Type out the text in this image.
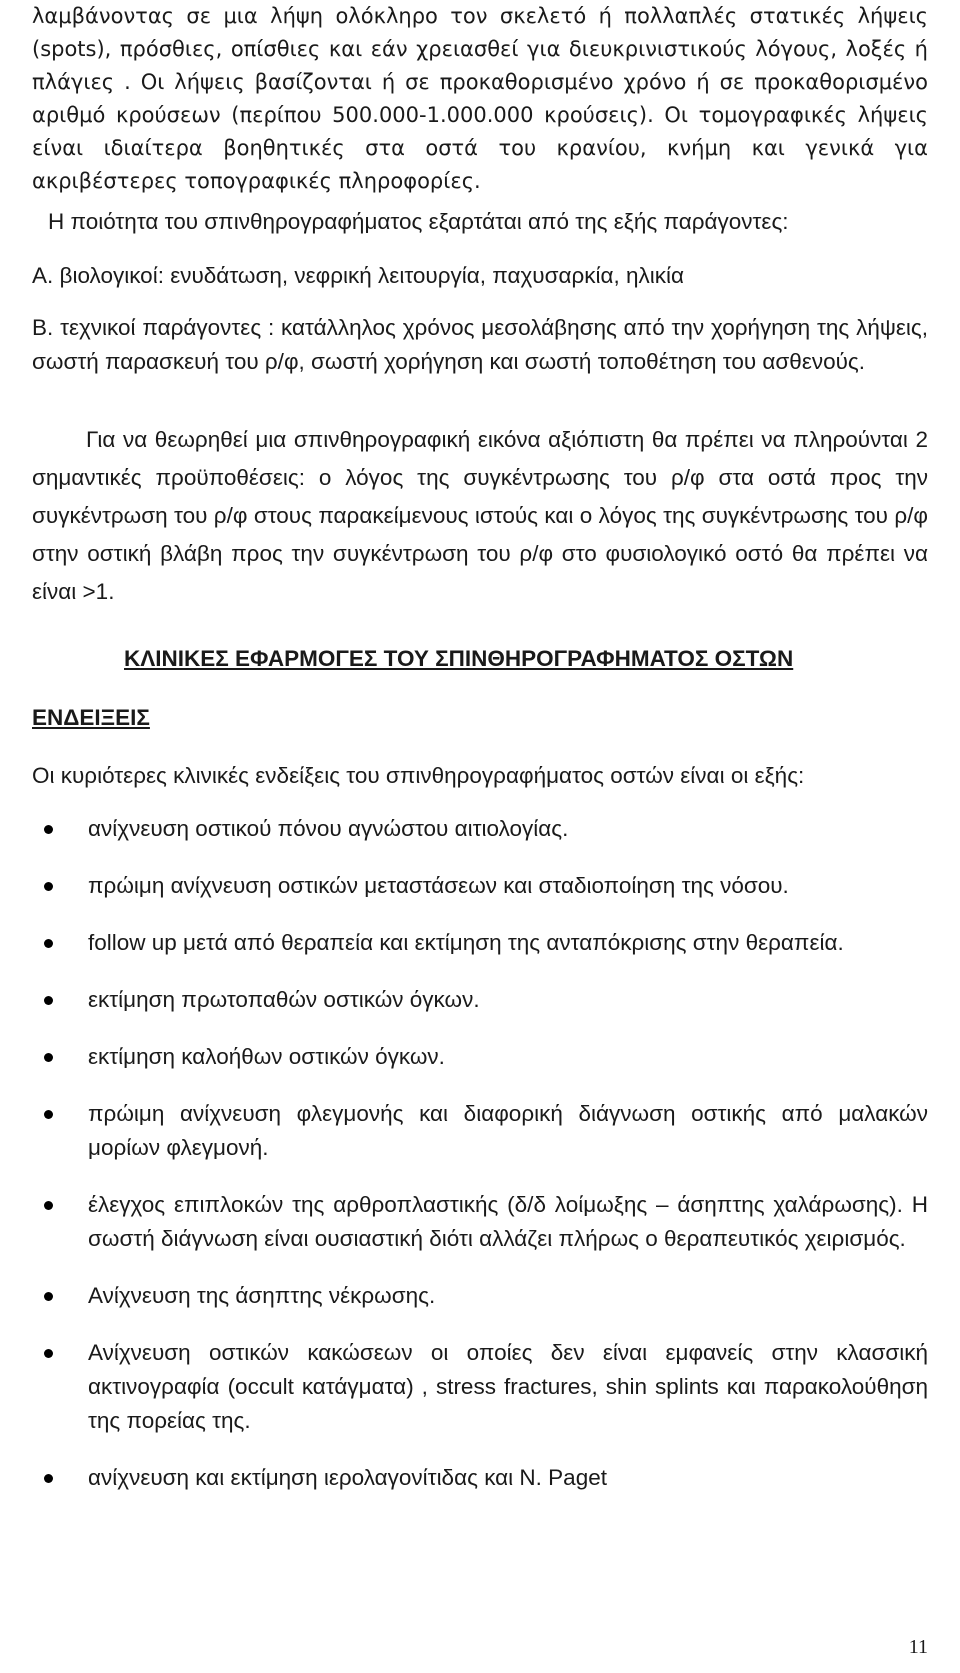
λαμβάνοντας σε μια λήψη ολόκληρο τον σκελετό ή πολλαπλές στατικές λήψεις (spots), πρόσθιες, οπίσθιες και εάν χρειασθεί για διευκρινιστικούς λόγους, λοξές ή πλάγιες . Οι λήψεις βασίζονται ή σε προκαθορισμένο χρόνο ή σε προκαθορισμένο αριθμό κρούσεων (περίπου 500.000-1.000.000 κρούσεις). Οι τομογραφικές λήψεις είναι ιδιαίτερα βοηθητικές στα οστά του κρανίου, κνήμη και γενικά για ακριβέστερες τοπογραφικές πληροφορίες.

Η ποιότητα του σπινθηρογραφήματος εξαρτάται από της εξής παράγοντες:

Α. βιολογικοί: ενυδάτωση, νεφρική λειτουργία, παχυσαρκία, ηλικία

Β. τεχνικοί παράγοντες : κατάλληλος χρόνος μεσολάβησης από την χορήγηση της λήψεις, σωστή παρασκευή του ρ/φ, σωστή χορήγηση και σωστή τοποθέτηση του ασθενούς.

Για να θεωρηθεί μια σπινθηρογραφική εικόνα αξιόπιστη θα πρέπει να πληρούνται 2 σημαντικές προϋποθέσεις: ο λόγος της συγκέντρωσης του ρ/φ στα οστά προς την συγκέντρωση του ρ/φ στους παρακείμενους ιστούς και ο λόγος της συγκέντρωσης του ρ/φ στην οστική βλάβη προς την συγκέντρωση του ρ/φ στο φυσιολογικό οστό θα πρέπει να είναι >1.

ΚΛΙΝΙΚΕΣ ΕΦΑΡΜΟΓΕΣ ΤΟΥ ΣΠΙΝΘΗΡΟΓΡΑΦΗΜΑΤΟΣ ΟΣΤΩΝ
ΕΝΔΕΙΞΕΙΣ

Οι κυριότερες κλινικές ενδείξεις του σπινθηρογραφήματος οστών είναι οι εξής:

ανίχνευση οστικού πόνου αγνώστου αιτιολογίας.
πρώιμη ανίχνευση οστικών μεταστάσεων και σταδιοποίηση της νόσου.
follow up μετά από θεραπεία και εκτίμηση της ανταπόκρισης στην θεραπεία.
εκτίμηση πρωτοπαθών οστικών όγκων.
εκτίμηση καλοήθων οστικών όγκων.
πρώιμη ανίχνευση φλεγμονής και διαφορική διάγνωση οστικής από μαλακών μορίων φλεγμονή.
έλεγχος επιπλοκών της αρθροπλαστικής (δ/δ λοίμωξης – άσηπτης χαλάρωσης). Η σωστή διάγνωση είναι ουσιαστική διότι αλλάζει πλήρως ο θεραπευτικός χειρισμός.
Ανίχνευση της άσηπτης νέκρωσης.
Ανίχνευση οστικών κακώσεων οι οποίες δεν είναι εμφανείς στην κλασσική ακτινογραφία (occult κατάγματα) , stress fractures, shin splints και παρακολούθηση της πορείας της.
ανίχνευση και εκτίμηση ιερολαγονίτιδας και Ν. Paget
11
